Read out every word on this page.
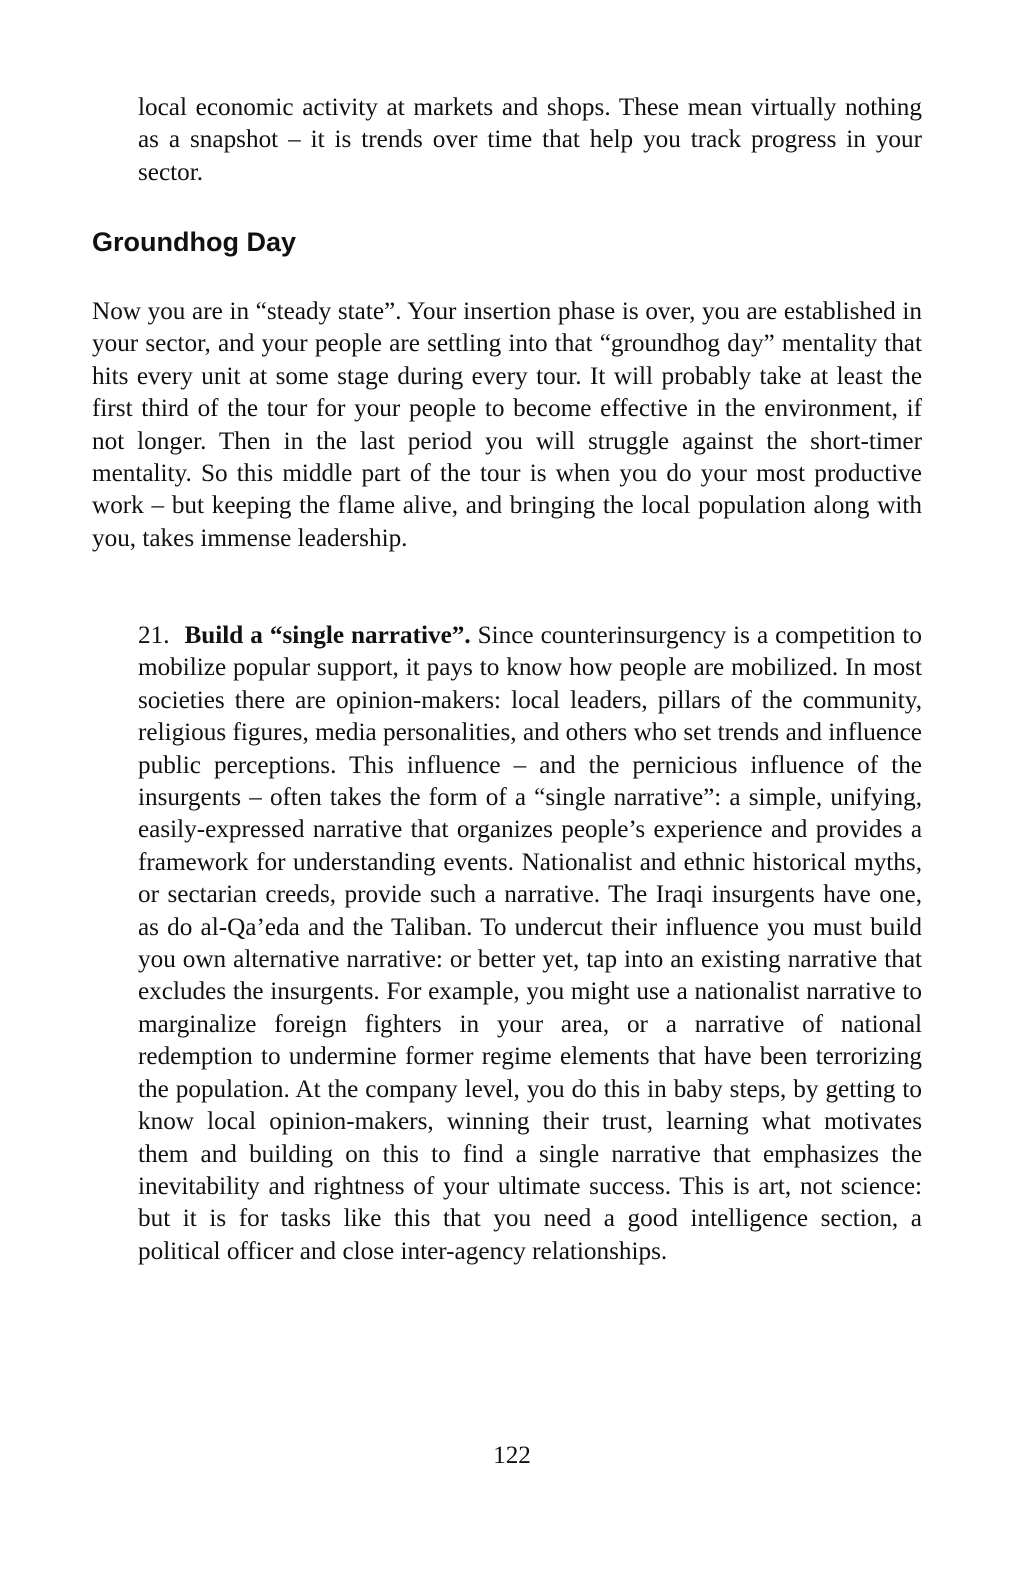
local economic activity at markets and shops. These mean virtually nothing as a snapshot – it is trends over time that help you track progress in your sector.

Groundhog Day

Now you are in “steady state”. Your insertion phase is over, you are established in your sector, and your people are settling into that “groundhog day” mentality that hits every unit at some stage during every tour. It will probably take at least the first third of the tour for your people to become effective in the environment, if not longer. Then in the last period you will struggle against the short-timer mentality. So this middle part of the tour is when you do your most productive work – but keeping the flame alive, and bringing the local population along with you, takes immense leadership.

21. Build a “single narrative”. Since counterinsurgency is a competition to mobilize popular support, it pays to know how people are mobilized. In most societies there are opinion-makers: local leaders, pillars of the community, religious figures, media personalities, and others who set trends and influence public perceptions. This influence – and the pernicious influence of the insurgents – often takes the form of a “single narrative”: a simple, unifying, easily-expressed narrative that organizes people’s experience and provides a framework for understanding events. Nationalist and ethnic historical myths, or sectarian creeds, provide such a narrative. The Iraqi insurgents have one, as do al-Qa’eda and the Taliban. To undercut their influence you must build you own alternative narrative: or better yet, tap into an existing narrative that excludes the insurgents. For example, you might use a nationalist narrative to marginalize foreign fighters in your area, or a narrative of national redemption to undermine former regime elements that have been terrorizing the population. At the company level, you do this in baby steps, by getting to know local opinion-makers, winning their trust, learning what motivates them and building on this to find a single narrative that emphasizes the inevitability and rightness of your ultimate success. This is art, not science: but it is for tasks like this that you need a good intelligence section, a political officer and close inter-agency relationships.

122
